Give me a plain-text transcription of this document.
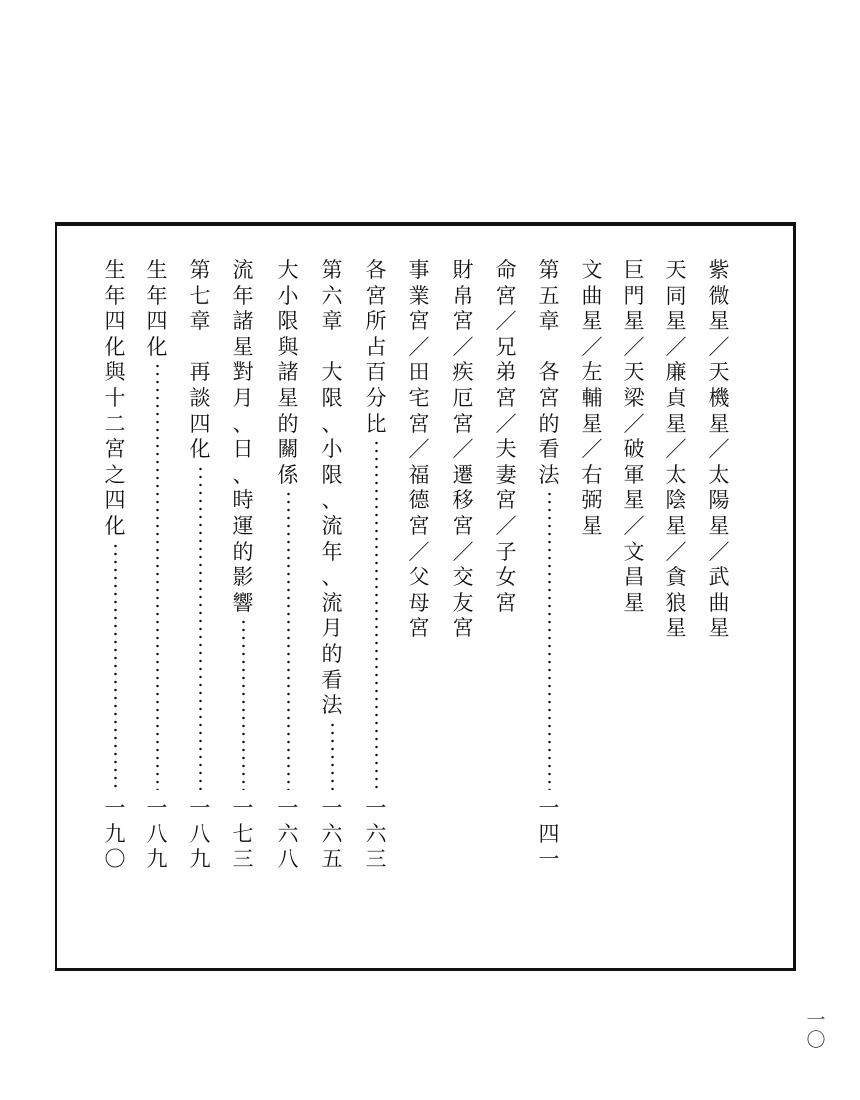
紫
微
星
／
天
機
星
／
太
陽
星
／
武
曲
星
天
同
星
／
廉
貞
星
／
太
陰
星
／
貪
狼
星
巨
門
星
／
天
梁
／
破
軍
星
／
文
昌
星
文
曲
星
／
左
輔
星
／
右
弼
星
第
五
章
各
宮
的
看
法
命
宮
／
兄
弟
宮
／
夫
妻
宮
／
子
女
宮
財
帛
宮
／
疾
厄
宮
／
遷
移
宮
／
交
友
宮
事
業
宮
／
田
宅
宮
／
福
德
宮
／
父
母
宮
各
宮
所
占
百
分
比
第
六
章
大
限
、
小
限
、
流
年
、
流
月
的
看
法
大
小
限
與
諸
星
的
關
係
流
年
諸
星
對
月
、
日
、
時
運
的
影
響
第
七
章
再
談
四
化
生
年
四
化
生
年
四
化
與
十
二
宮
之
四
化
一
〇
一四一
一六三
一六五
一六八
一七三
一八九
一八九
一九〇
